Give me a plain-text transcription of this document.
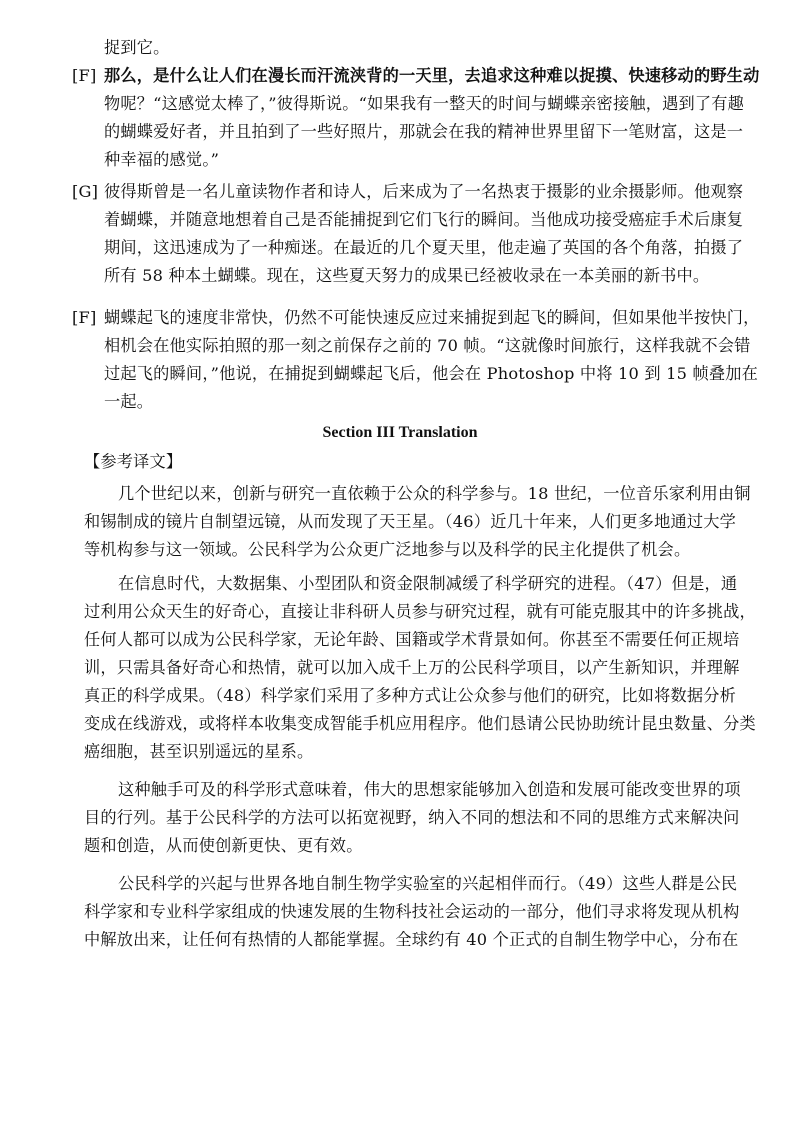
捉到它。
[F] 那么，是什么让人们在漫长而汗流浃背的一天里，去追求这种难以捉摸、快速移动的野生动
物呢？“这感觉太棒了，”彼得斯说。“如果我有一整天的时间与蝴蝶亲密接触，遇到了有趣
的蝴蝶爱好者，并且拍到了一些好照片，那就会在我的精神世界里留下一笔财富，这是一
种幸福的感觉。”
[G] 彼得斯曾是一名儿童读物作者和诗人，后来成为了一名热衷于摄影的业余摄影师。他观察
着蝴蝶，并随意地想着自己是否能捕捉到它们飞行的瞬间。当他成功接受癌症手术后康复
期间，这迅速成为了一种痴迷。在最近的几个夏天里，他走遍了英国的各个角落，拍摄了
所有 58 种本土蝴蝶。现在，这些夏天努力的成果已经被收录在一本美丽的新书中。
[F] 蝴蝶起飞的速度非常快，仍然不可能快速反应过来捕捉到起飞的瞬间，但如果他半按快门，
相机会在他实际拍照的那一刻之前保存之前的 70 帧。“这就像时间旅行，这样我就不会错
过起飞的瞬间，”他说，在捕捉到蝴蝶起飞后，他会在 Photoshop 中将 10 到 15 帧叠加在
一起。
Section III Translation
【参考译文】
几个世纪以来，创新与研究一直依赖于公众的科学参与。18 世纪，一位音乐家利用由铜
和锡制成的镜片自制望远镜，从而发现了天王星。（46）近几十年来，人们更多地通过大学
等机构参与这一领域。公民科学为公众更广泛地参与以及科学的民主化提供了机会。
在信息时代，大数据集、小型团队和资金限制减缓了科学研究的进程。（47）但是，通
过利用公众天生的好奇心，直接让非科研人员参与研究过程，就有可能克服其中的许多挑战，
任何人都可以成为公民科学家，无论年龄、国籍或学术背景如何。你甚至不需要任何正规培
训，只需具备好奇心和热情，就可以加入成千上万的公民科学项目，以产生新知识，并理解
真正的科学成果。（48）科学家们采用了多种方式让公众参与他们的研究，比如将数据分析
变成在线游戏，或将样本收集变成智能手机应用程序。他们恳请公民协助统计昆虫数量、分类
癌细胞，甚至识别遥远的星系。
这种触手可及的科学形式意味着，伟大的思想家能够加入创造和发展可能改变世界的项
目的行列。基于公民科学的方法可以拓宽视野，纳入不同的想法和不同的思维方式来解决问
题和创造，从而使创新更快、更有效。
公民科学的兴起与世界各地自制生物学实验室的兴起相伴而行。（49）这些人群是公民
科学家和专业科学家组成的快速发展的生物科技社会运动的一部分，他们寻求将发现从机构
中解放出来，让任何有热情的人都能掌握。全球约有 40 个正式的自制生物学中心，分布在
